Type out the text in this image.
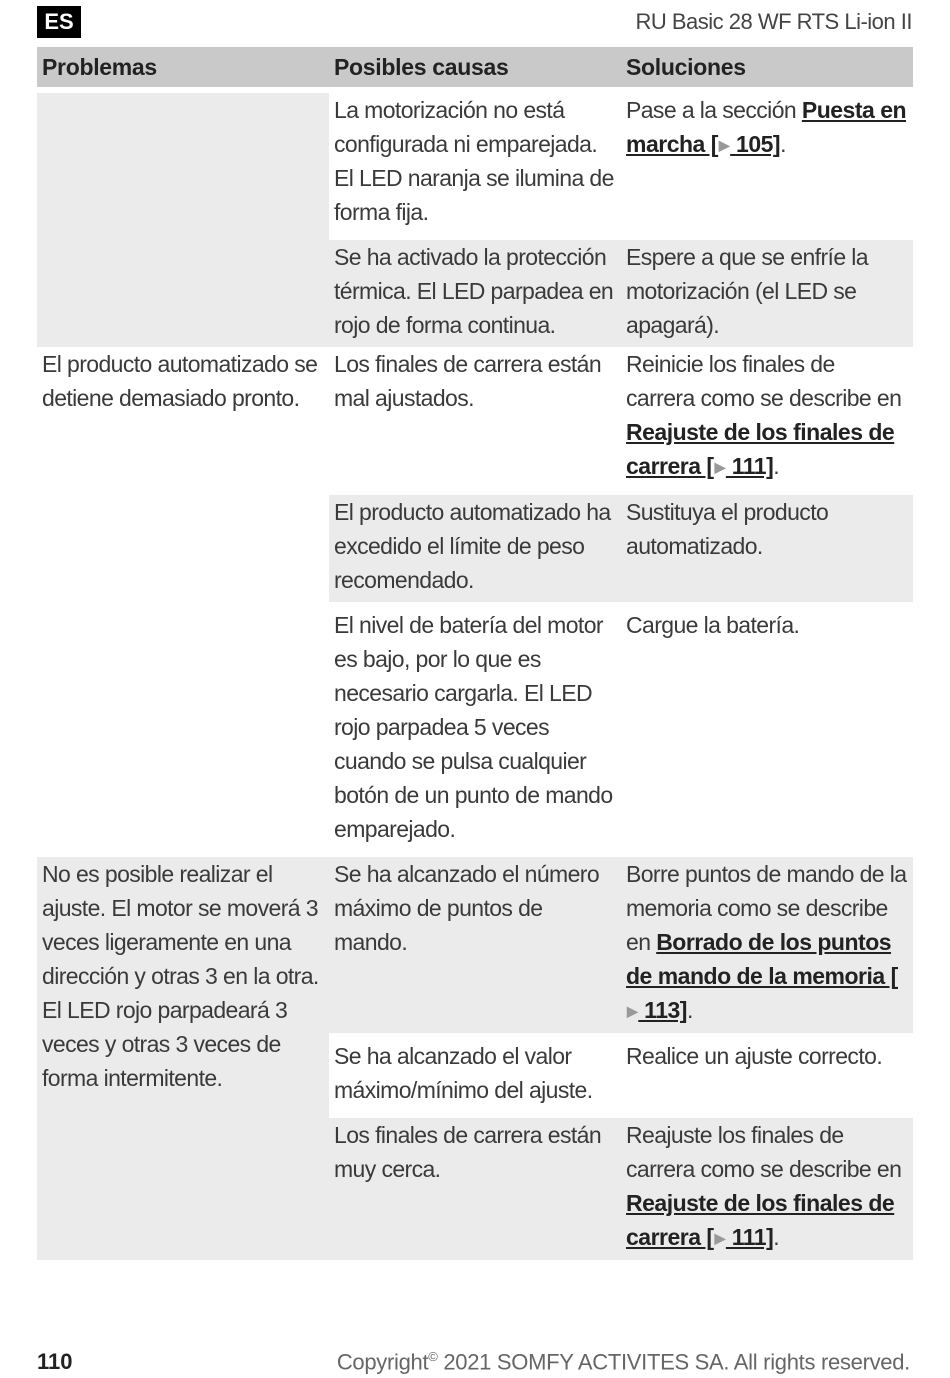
ES	RU Basic 28 WF RTS Li-ion II
Problemas	Posibles causas	Soluciones
	La motorización no está configurada ni emparejada. El LED naranja se ilumina de forma fija.	Pase a la sección Puesta en marcha [▶ 105].
	Se ha activado la protección térmica. El LED parpadea en rojo de forma continua.	Espere a que se enfríe la motorización (el LED se apagará).
El producto automatizado se detiene demasiado pronto.	Los finales de carrera están mal ajustados.	Reinicie los finales de carrera como se describe en Reajuste de los finales de carrera [▶ 111].
	El producto automatizado ha excedido el límite de peso recomendado.	Sustituya el producto automatizado.
	El nivel de batería del motor es bajo, por lo que es necesario cargarla. El LED rojo parpadea 5 veces cuando se pulsa cualquier botón de un punto de mando emparejado.	Cargue la batería.
No es posible realizar el ajuste. El motor se moverá 3 veces ligeramente en una dirección y otras 3 en la otra. El LED rojo parpadeará 3 veces y otras 3 veces de forma intermitente.	Se ha alcanzado el número máximo de puntos de mando.	Borre puntos de mando de la memoria como se describe en Borrado de los puntos de mando de la memoria [▶ 113].
	Se ha alcanzado el valor máximo/mínimo del ajuste.	Realice un ajuste correcto.
	Los finales de carrera están muy cerca.	Reajuste los finales de carrera como se describe en Reajuste de los finales de carrera [▶ 111].
110	Copyright© 2021 SOMFY ACTIVITES SA. All rights reserved.
